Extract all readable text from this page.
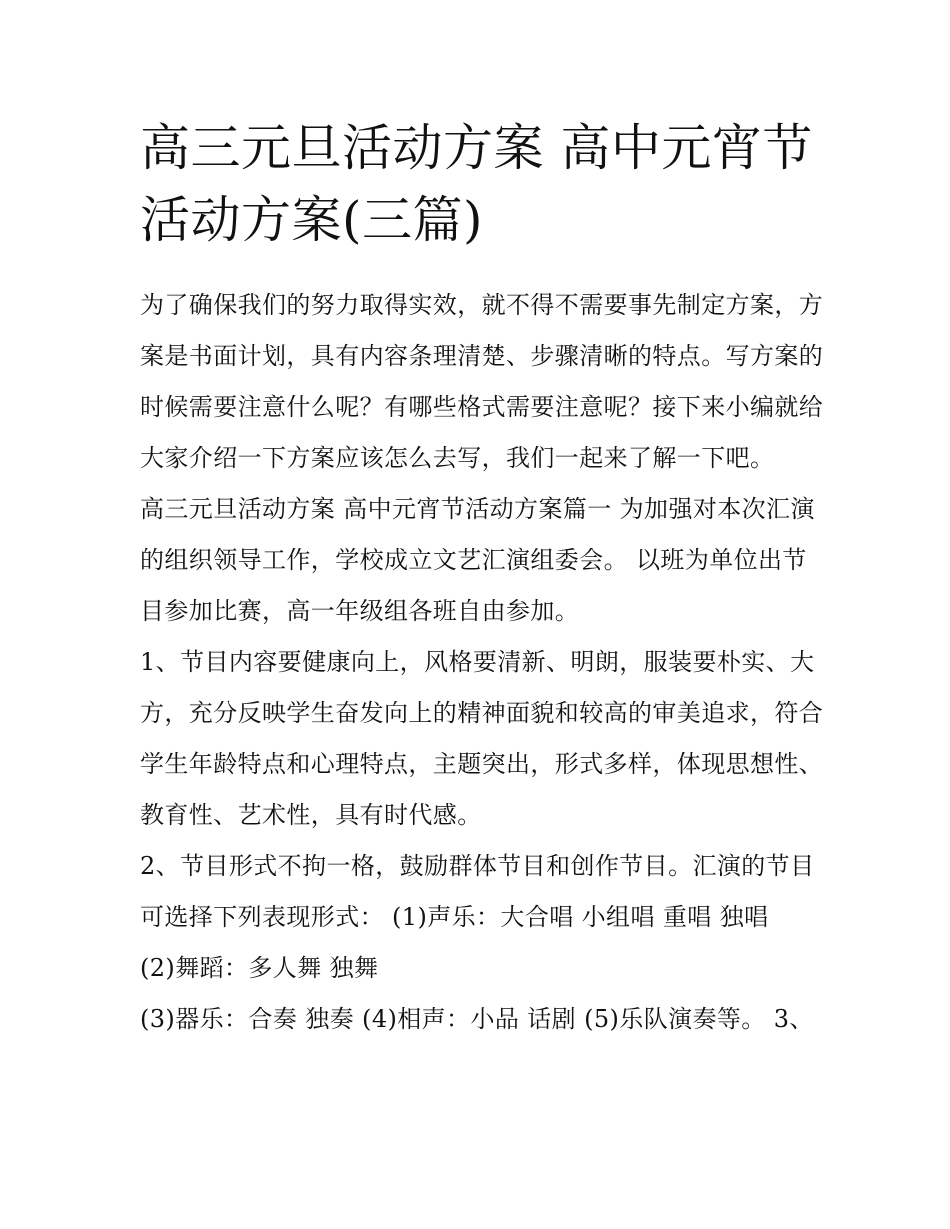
高三元旦活动方案 高中元宵节活动方案(三篇)

为了确保我们的努力取得实效，就不得不需要事先制定方案，方案是书面计划，具有内容条理清楚、步骤清晰的特点。写方案的时候需要注意什么呢？有哪些格式需要注意呢？接下来小编就给大家介绍一下方案应该怎么去写，我们一起来了解一下吧。

高三元旦活动方案 高中元宵节活动方案篇一 为加强对本次汇演的组织领导工作，学校成立文艺汇演组委会。 以班为单位出节目参加比赛，高一年级组各班自由参加。

1、节目内容要健康向上，风格要清新、明朗，服装要朴实、大方，充分反映学生奋发向上的精神面貌和较高的审美追求，符合学生年龄特点和心理特点，主题突出，形式多样，体现思想性、教育性、艺术性，具有时代感。

2、节目形式不拘一格，鼓励群体节目和创作节目。汇演的节目可选择下列表现形式： (1)声乐：大合唱 小组唱 重唱 独唱

(2)舞蹈：多人舞 独舞

(3)器乐：合奏 独奏 (4)相声：小品 话剧 (5)乐队演奏等。 3、
